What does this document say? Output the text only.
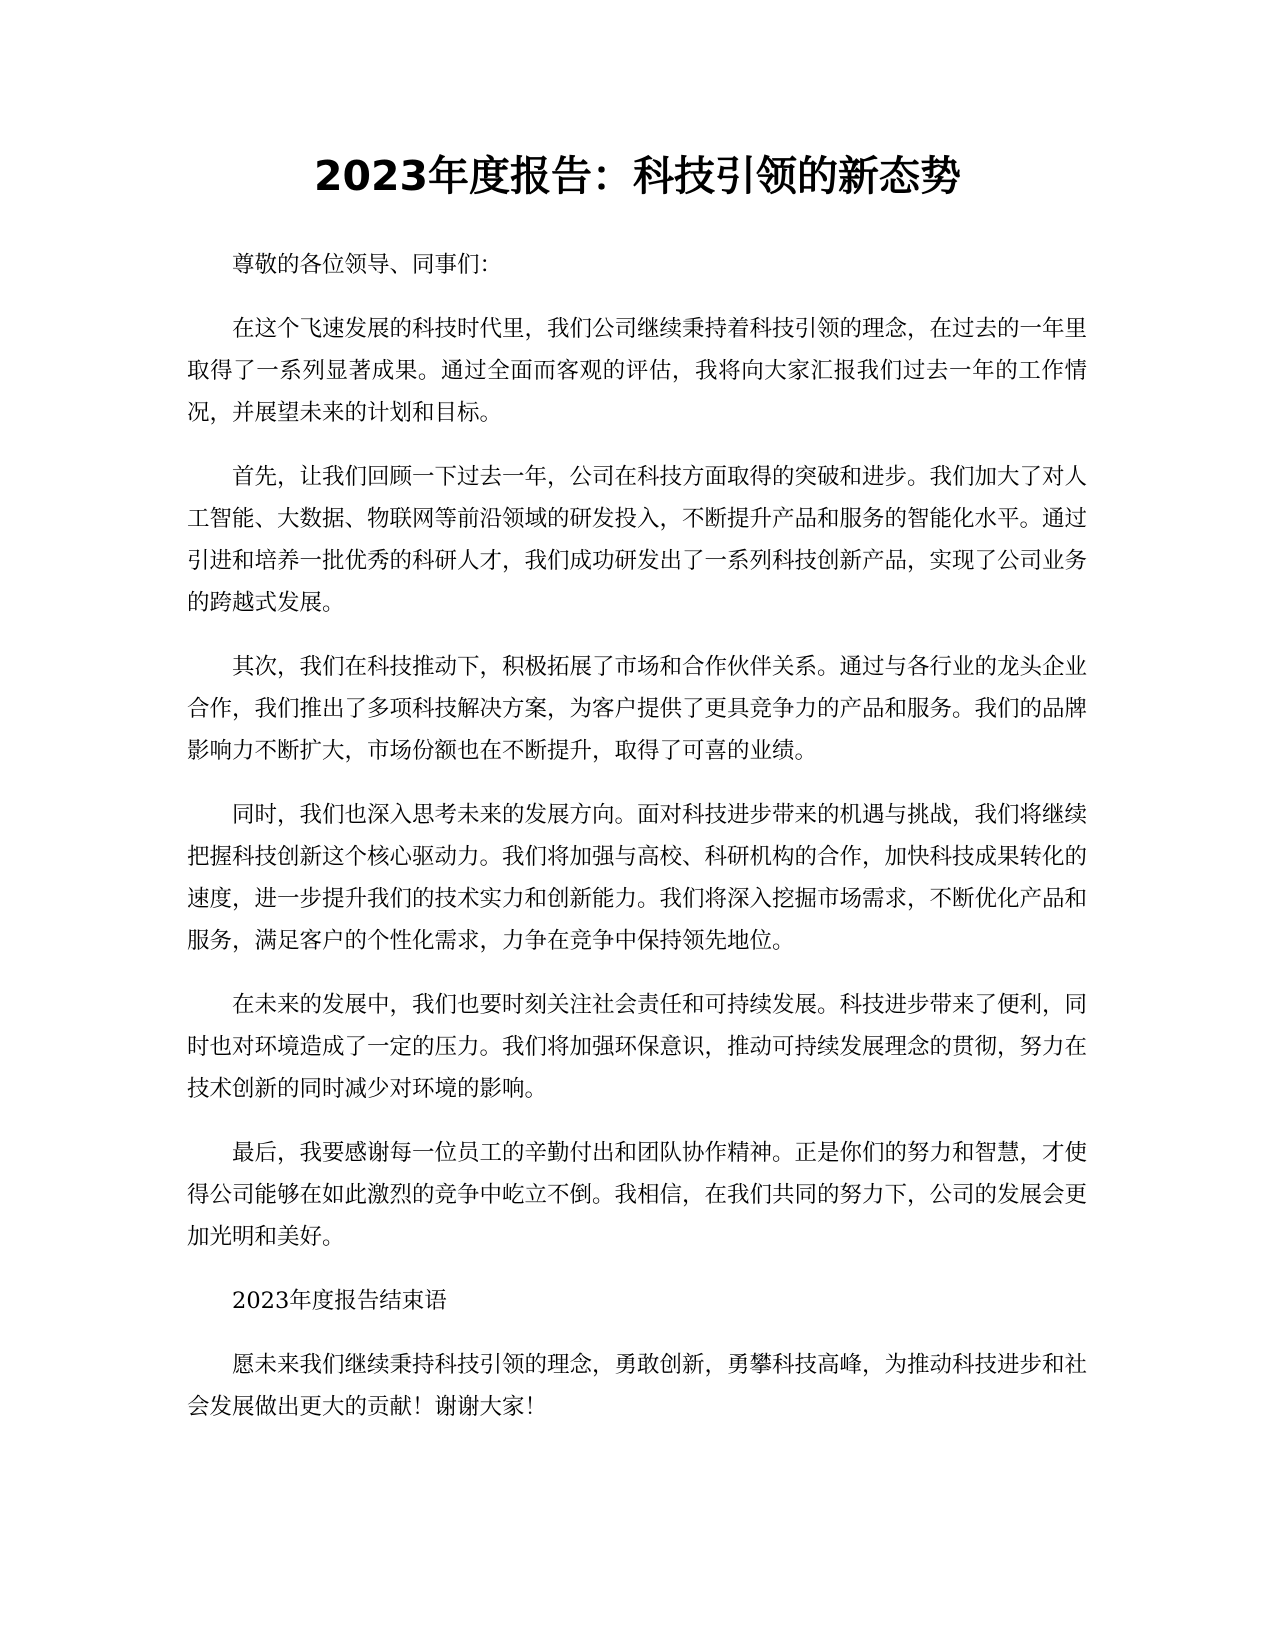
2023年度报告：科技引领的新态势

尊敬的各位领导、同事们：

在这个飞速发展的科技时代里，我们公司继续秉持着科技引领的理念，在过去的一年里取得了一系列显著成果。通过全面而客观的评估，我将向大家汇报我们过去一年的工作情况，并展望未来的计划和目标。

首先，让我们回顾一下过去一年，公司在科技方面取得的突破和进步。我们加大了对人工智能、大数据、物联网等前沿领域的研发投入，不断提升产品和服务的智能化水平。通过引进和培养一批优秀的科研人才，我们成功研发出了一系列科技创新产品，实现了公司业务的跨越式发展。

其次，我们在科技推动下，积极拓展了市场和合作伙伴关系。通过与各行业的龙头企业合作，我们推出了多项科技解决方案，为客户提供了更具竞争力的产品和服务。我们的品牌影响力不断扩大，市场份额也在不断提升，取得了可喜的业绩。

同时，我们也深入思考未来的发展方向。面对科技进步带来的机遇与挑战，我们将继续把握科技创新这个核心驱动力。我们将加强与高校、科研机构的合作，加快科技成果转化的速度，进一步提升我们的技术实力和创新能力。我们将深入挖掘市场需求，不断优化产品和服务，满足客户的个性化需求，力争在竞争中保持领先地位。

在未来的发展中，我们也要时刻关注社会责任和可持续发展。科技进步带来了便利，同时也对环境造成了一定的压力。我们将加强环保意识，推动可持续发展理念的贯彻，努力在技术创新的同时减少对环境的影响。

最后，我要感谢每一位员工的辛勤付出和团队协作精神。正是你们的努力和智慧，才使得公司能够在如此激烈的竞争中屹立不倒。我相信，在我们共同的努力下，公司的发展会更加光明和美好。

2023年度报告结束语

愿未来我们继续秉持科技引领的理念，勇敢创新，勇攀科技高峰，为推动科技进步和社会发展做出更大的贡献！谢谢大家！
